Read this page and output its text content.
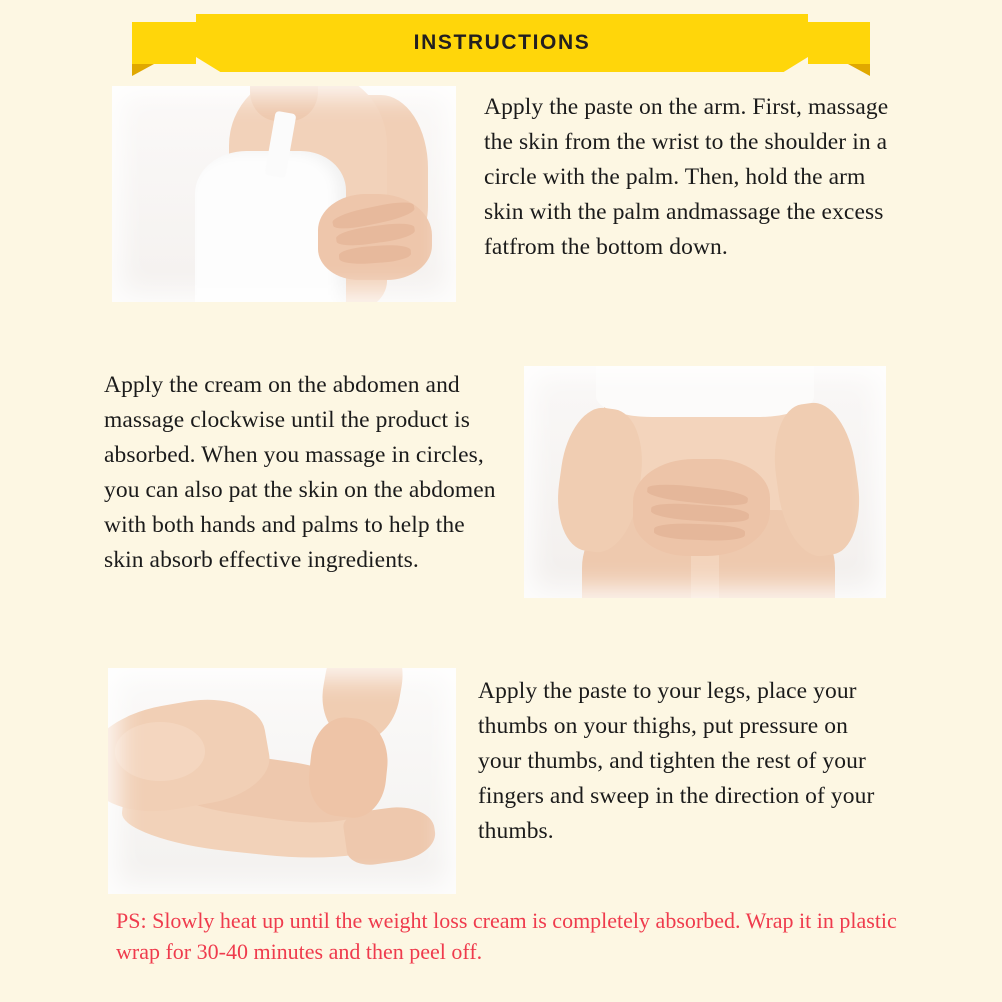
INSTRUCTIONS
Apply the paste on the arm. First, massage the skin from the wrist to the shoulder in a circle with the palm. Then, hold the arm skin with the palm andmassage the excess fatfrom the bottom down.
Apply the cream on the abdomen and massage clockwise until the product is absorbed. When you massage in circles, you can also pat the skin on the abdomen with both hands and palms to help the skin absorb effective ingredients.
Apply the paste to your legs, place your thumbs on your thighs, put pressure on your thumbs, and tighten the rest of your fingers and sweep in the direction of your thumbs.
PS: Slowly heat up until the weight loss cream is completely absorbed. Wrap it in plastic wrap for 30-40 minutes and then peel off.
